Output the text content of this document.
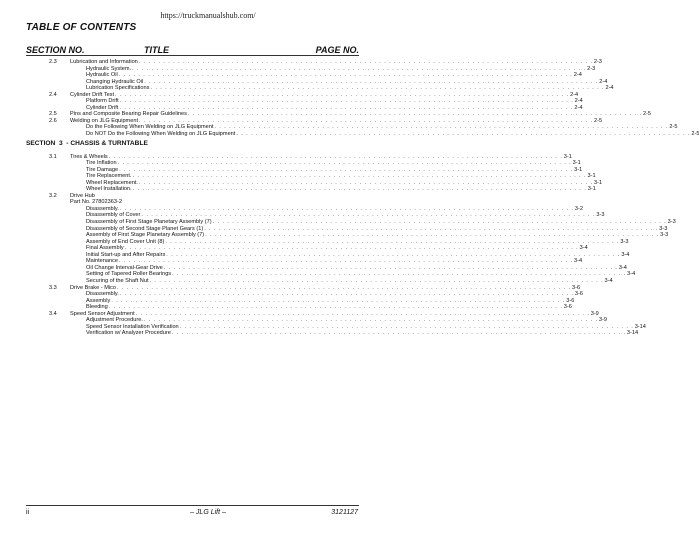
https://truckmanualshub.com/
TABLE OF CONTENTS
SECTION NO.	TITLE	PAGE NO.
2.3 Lubrication and Information . . . . . . . . . . . . . . . . . . . . . . . . . . . . . . . . . . . . . . . . . . . . . . . . . . . . . . . . . . . . . . . . . . . . . . . . . . . . . . . . . . . . . . . . . . . . . 2-3
Hydraulic System. . . . . . . . . . . . . . . . . . . . . . . . . . . . . . . . . . . . . . . . . . . . . . . . . . . . . . . . . . . . . . . . . . . . . . . . . . . . . . . . . . . . . . . . . . . . . . 2-3
Hydraulic Oil . . . . . . . . . . . . . . . . . . . . . . . . . . . . . . . . . . . . . . . . . . . . . . . . . . . . . . . . . . . . . . . . . . . . . . . . . . . . . . . . . . . . . . . . . . . . . 2-4
Changing Hydraulic Oil . . . . . . . . . . . . . . . . . . . . . . . . . . . . . . . . . . . . . . . . . . . . . . . . . . . . . . . . . . . . . . . . . . . . . . . . . . . . . . . . . . . . . . . . . . . . . 2-4
Lubrication Specifications . . . . . . . . . . . . . . . . . . . . . . . . . . . . . . . . . . . . . . . . . . . . . . . . . . . . . . . . . . . . . . . . . . . . . . . . . . . . . . . . . . . . . . . . . . . . . 2-4
2.4 Cylinder Drift Test . . . . . . . . . . . . . . . . . . . . . . . . . . . . . . . . . . . . . . . . . . . . . . . . . . . . . . . . . . . . . . . . . . . . . . . . . . . . . . . . . . . . . . . . . . . . . 2-4
Platform Drift . . . . . . . . . . . . . . . . . . . . . . . . . . . . . . . . . . . . . . . . . . . . . . . . . . . . . . . . . . . . . . . . . . . . . . . . . . . . . . . . . . . . . . . . . . . . . 2-4
Cylinder Drift . . . . . . . . . . . . . . . . . . . . . . . . . . . . . . . . . . . . . . . . . . . . . . . . . . . . . . . . . . . . . . . . . . . . . . . . . . . . . . . . . . . . . . . . . . . . . 2-4
2.5 Pins and Composite Bearing Repair Guidelines . . . . . . . . . . . . . . . . . . . . . . . . . . . . . . . . . . . . . . . . . . . . . . . . . . . . . . . . . . . . . . . . . . . . . . . . . . . . . . . . . . . . . . . . . . . . . 2-5
2.6 Welding on JLG Equipment . . . . . . . . . . . . . . . . . . . . . . . . . . . . . . . . . . . . . . . . . . . . . . . . . . . . . . . . . . . . . . . . . . . . . . . . . . . . . . . . . . . . . . . . . . . . . 2-5
Do the Following When Welding on JLG Equipment . . . . . . . . . . . . . . . . . . . . . . . . . . . . . . . . . . . . . . . . . . . . . . . . . . . . . . . . . . . . . . . . . . . . . . . . . . . . . . . . . . . . . . . . . . . . . 2-5
Do NOT Do the Following When Welding on JLG Equipment . . . . . . . . . . . . . . . . . . . . . . . . . . . . . . . . . . . . . . . . . . . . . . . . . . . . . . . . . . . . . . . . . . . . . . . . . . . . . . . . . . . . . . . . . . . . . 2-5
SECTION  3  - CHASSIS & TURNTABLE
3.1 Tires & Wheels . . . . . . . . . . . . . . . . . . . . . . . . . . . . . . . . . . . . . . . . . . . . . . . . . . . . . . . . . . . . . . . . . . . . . . . . . . . . . . . . . . . . . . . . . . . . . 3-1
Tire Inflation . . . . . . . . . . . . . . . . . . . . . . . . . . . . . . . . . . . . . . . . . . . . . . . . . . . . . . . . . . . . . . . . . . . . . . . . . . . . . . . . . . . . . . . . . . . . . 3-1
Tire Damage . . . . . . . . . . . . . . . . . . . . . . . . . . . . . . . . . . . . . . . . . . . . . . . . . . . . . . . . . . . . . . . . . . . . . . . . . . . . . . . . . . . . . . . . . . . . . 3-1
Tire Replacement. . . . . . . . . . . . . . . . . . . . . . . . . . . . . . . . . . . . . . . . . . . . . . . . . . . . . . . . . . . . . . . . . . . . . . . . . . . . . . . . . . . . . . . . . . . . . . 3-1
Wheel Replacement. . . . . . . . . . . . . . . . . . . . . . . . . . . . . . . . . . . . . . . . . . . . . . . . . . . . . . . . . . . . . . . . . . . . . . . . . . . . . . . . . . . . . . . . . . . . . . 3-1
Wheel Installation. . . . . . . . . . . . . . . . . . . . . . . . . . . . . . . . . . . . . . . . . . . . . . . . . . . . . . . . . . . . . . . . . . . . . . . . . . . . . . . . . . . . . . . . . . . . . . 3-1
3.2 Drive Hub
Part No. 27802363-2
Disassembly. . . . . . . . . . . . . . . . . . . . . . . . . . . . . . . . . . . . . . . . . . . . . . . . . . . . . . . . . . . . . . . . . . . . . . . . . . . . . . . . . . . . . . . . . . . . . . 3-2
Disassembly of Cover . . . . . . . . . . . . . . . . . . . . . . . . . . . . . . . . . . . . . . . . . . . . . . . . . . . . . . . . . . . . . . . . . . . . . . . . . . . . . . . . . . . . . . . . . . . . . 3-3
Disassembly of First Stage Planetary Assembly (7) . . . . . . . . . . . . . . . . . . . . . . . . . . . . . . . . . . . . . . . . . . . . . . . . . . . . . . . . . . . . . . . . . . . . . . . . . . . . . . . . . . . . . . . . . . . . . 3-3
Disassembly of Second Stage Planet Gears (1) . . . . . . . . . . . . . . . . . . . . . . . . . . . . . . . . . . . . . . . . . . . . . . . . . . . . . . . . . . . . . . . . . . . . . . . . . . . . . . . . . . . . . . . . . . . . . 3-3
Assembly of First Stage Planetary Assembly (7) . . . . . . . . . . . . . . . . . . . . . . . . . . . . . . . . . . . . . . . . . . . . . . . . . . . . . . . . . . . . . . . . . . . . . . . . . . . . . . . . . . . . . . . . . . . . . 3-3
Assembly of End Cover Unit (8) . . . . . . . . . . . . . . . . . . . . . . . . . . . . . . . . . . . . . . . . . . . . . . . . . . . . . . . . . . . . . . . . . . . . . . . . . . . . . . . . . . . . . . . . . . . . . 3-3
Final Assembly . . . . . . . . . . . . . . . . . . . . . . . . . . . . . . . . . . . . . . . . . . . . . . . . . . . . . . . . . . . . . . . . . . . . . . . . . . . . . . . . . . . . . . . . . . . . . 3-4
Initial Start-up and After Repairs . . . . . . . . . . . . . . . . . . . . . . . . . . . . . . . . . . . . . . . . . . . . . . . . . . . . . . . . . . . . . . . . . . . . . . . . . . . . . . . . . . . . . . . . . . . . . 3-4
Maintenance . . . . . . . . . . . . . . . . . . . . . . . . . . . . . . . . . . . . . . . . . . . . . . . . . . . . . . . . . . . . . . . . . . . . . . . . . . . . . . . . . . . . . . . . . . . . . 3-4
Oil Change Interval-Gear Drive . . . . . . . . . . . . . . . . . . . . . . . . . . . . . . . . . . . . . . . . . . . . . . . . . . . . . . . . . . . . . . . . . . . . . . . . . . . . . . . . . . . . . . . . . . . . . 3-4
Setting of Tapered Roller Bearings . . . . . . . . . . . . . . . . . . . . . . . . . . . . . . . . . . . . . . . . . . . . . . . . . . . . . . . . . . . . . . . . . . . . . . . . . . . . . . . . . . . . . . . . . . . . . 3-4
Securing of the Shaft Nut . . . . . . . . . . . . . . . . . . . . . . . . . . . . . . . . . . . . . . . . . . . . . . . . . . . . . . . . . . . . . . . . . . . . . . . . . . . . . . . . . . . . . . . . . . . . . 3-4
3.3 Drive Brake - Mico . . . . . . . . . . . . . . . . . . . . . . . . . . . . . . . . . . . . . . . . . . . . . . . . . . . . . . . . . . . . . . . . . . . . . . . . . . . . . . . . . . . . . . . . . . . . . 3-6
Disassembly. . . . . . . . . . . . . . . . . . . . . . . . . . . . . . . . . . . . . . . . . . . . . . . . . . . . . . . . . . . . . . . . . . . . . . . . . . . . . . . . . . . . . . . . . . . . . . 3-6
Assembly . . . . . . . . . . . . . . . . . . . . . . . . . . . . . . . . . . . . . . . . . . . . . . . . . . . . . . . . . . . . . . . . . . . . . . . . . . . . . . . . . . . . . . . . . . . . . 3-6
Bleeding . . . . . . . . . . . . . . . . . . . . . . . . . . . . . . . . . . . . . . . . . . . . . . . . . . . . . . . . . . . . . . . . . . . . . . . . . . . . . . . . . . . . . . . . . . . . . 3-6
3.4 Speed Sensor Adjustment . . . . . . . . . . . . . . . . . . . . . . . . . . . . . . . . . . . . . . . . . . . . . . . . . . . . . . . . . . . . . . . . . . . . . . . . . . . . . . . . . . . . . . . . . . . . . 3-9
Adjustment Procedure. . . . . . . . . . . . . . . . . . . . . . . . . . . . . . . . . . . . . . . . . . . . . . . . . . . . . . . . . . . . . . . . . . . . . . . . . . . . . . . . . . . . . . . . . . . . . . 3-9
Speed Sensor Installation Verification . . . . . . . . . . . . . . . . . . . . . . . . . . . . . . . . . . . . . . . . . . . . . . . . . . . . . . . . . . . . . . . . . . . . . . . . . . . . . . . . . . . . . . . . . . . . . 3-14
Verification w/ Analyzer Procedure . . . . . . . . . . . . . . . . . . . . . . . . . . . . . . . . . . . . . . . . . . . . . . . . . . . . . . . . . . . . . . . . . . . . . . . . . . . . . . . . . . . . . . . . . . . . . 3-14
ii	– JLG Lift –	3121127
